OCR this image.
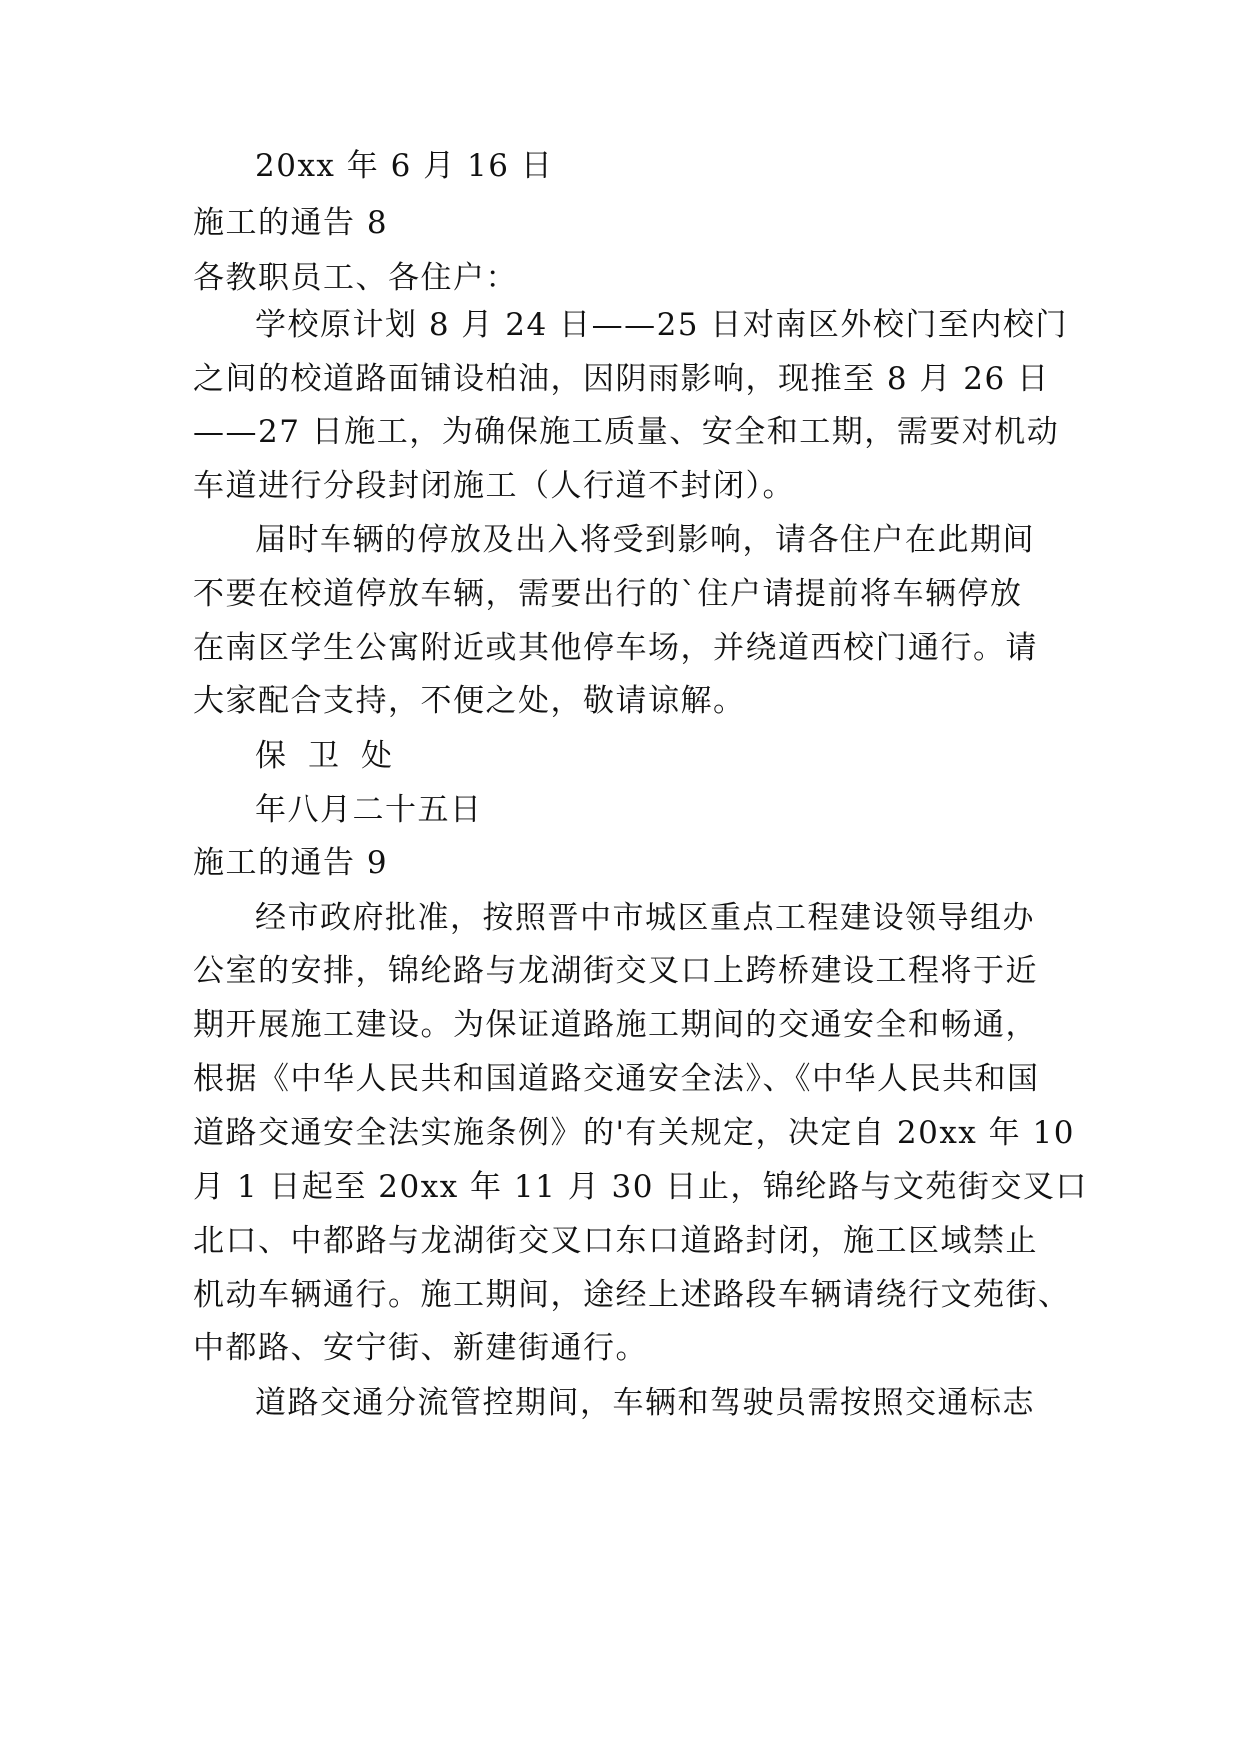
20xx 年 6 月 16 日
施工的通告 8
各教职员工、各住户：
学校原计划 8 月 24 日——25 日对南区外校门至内校门
之间的校道路面铺设柏油，因阴雨影响，现推至 8 月 26 日
——27 日施工，为确保施工质量、安全和工期，需要对机动
车道进行分段封闭施工（人行道不封闭）。
届时车辆的停放及出入将受到影响，请各住户在此期间
不要在校道停放车辆，需要出行的`住户请提前将车辆停放
在南区学生公寓附近或其他停车场，并绕道西校门通行。请
大家配合支持，不便之处，敬请谅解。
保卫处
年八月二十五日
施工的通告 9
经市政府批准，按照晋中市城区重点工程建设领导组办
公室的安排，锦纶路与龙湖街交叉口上跨桥建设工程将于近
期开展施工建设。为保证道路施工期间的交通安全和畅通，
根据《中华人民共和国道路交通安全法》、《中华人民共和国
道路交通安全法实施条例》的'有关规定，决定自 20xx 年 10
月 1 日起至 20xx 年 11 月 30 日止，锦纶路与文苑街交叉口
北口、中都路与龙湖街交叉口东口道路封闭，施工区域禁止
机动车辆通行。施工期间，途经上述路段车辆请绕行文苑街、
中都路、安宁街、新建街通行。
道路交通分流管控期间，车辆和驾驶员需按照交通标志
